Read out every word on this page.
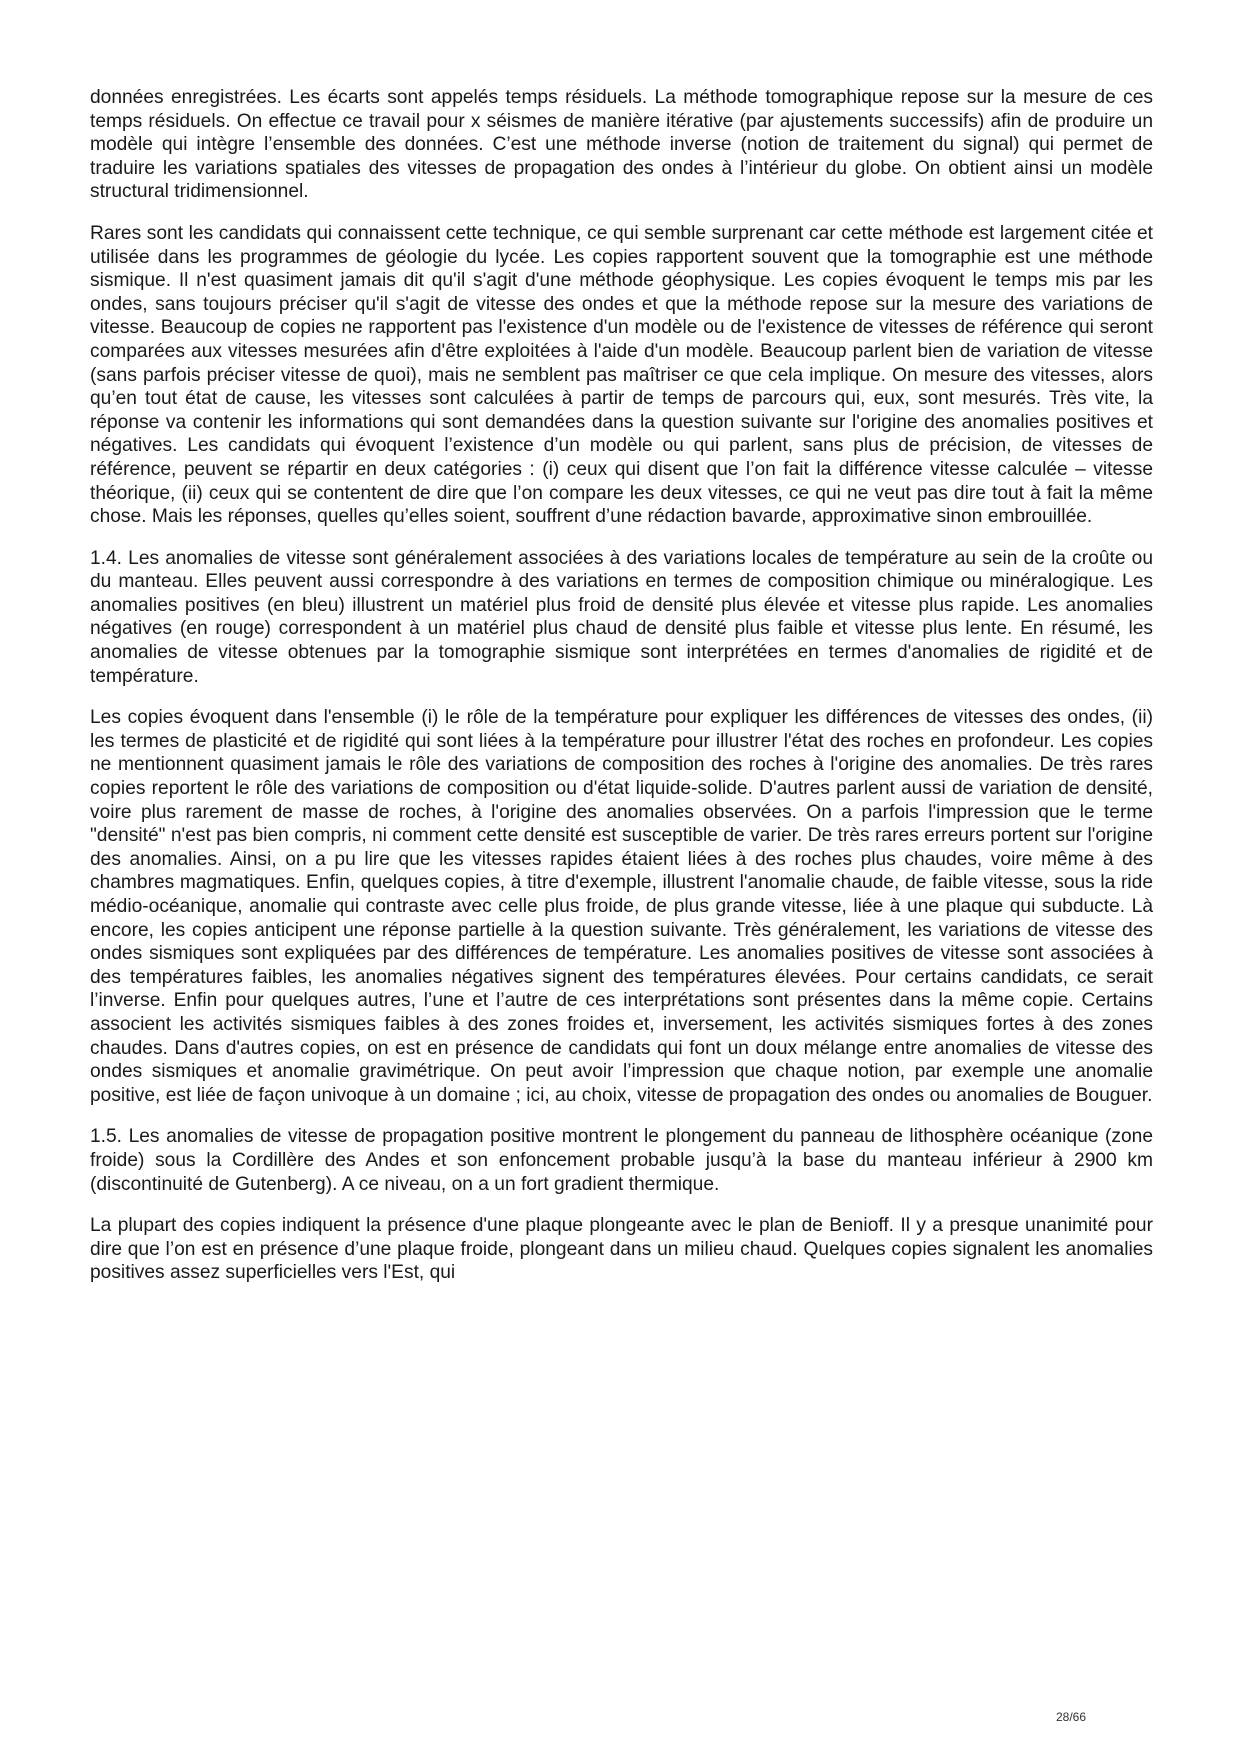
données enregistrées. Les écarts sont appelés temps résiduels. La méthode tomographique repose sur la mesure de ces temps résiduels. On effectue ce travail pour x séismes de manière itérative (par ajustements successifs) afin de produire un modèle qui intègre l’ensemble des données. C’est une méthode inverse (notion de traitement du signal) qui permet de traduire les variations spatiales des vitesses de propagation des ondes à l’intérieur du globe. On obtient ainsi un modèle structural tridimensionnel.

Rares sont les candidats qui connaissent cette technique, ce qui semble surprenant car cette méthode est largement citée et utilisée dans les programmes de géologie du lycée. Les copies rapportent souvent que la tomographie est une méthode sismique. Il n'est quasiment jamais dit qu'il s'agit d'une méthode géophysique. Les copies évoquent le temps mis par les ondes, sans toujours préciser qu'il s'agit de vitesse des ondes et que la méthode repose sur la mesure des variations de vitesse. Beaucoup de copies ne rapportent pas l'existence d'un modèle ou de l'existence de vitesses de référence qui seront comparées aux vitesses mesurées afin d'être exploitées à l'aide d'un modèle. Beaucoup parlent bien de variation de vitesse (sans parfois préciser vitesse de quoi), mais ne semblent pas maîtriser ce que cela implique. On mesure des vitesses, alors qu’en tout état de cause, les vitesses sont calculées à partir de temps de parcours qui, eux, sont mesurés. Très vite, la réponse va contenir les informations qui sont demandées dans la question suivante sur l'origine des anomalies positives et négatives. Les candidats qui évoquent l’existence d’un modèle ou qui parlent, sans plus de précision, de vitesses de référence, peuvent se répartir en deux catégories : (i) ceux qui disent que l’on fait la différence vitesse calculée – vitesse théorique, (ii) ceux qui se contentent de dire que l’on compare les deux vitesses, ce qui ne veut pas dire tout à fait la même chose. Mais les réponses, quelles qu’elles soient, souffrent d’une rédaction bavarde, approximative sinon embrouillée.

1.4. Les anomalies de vitesse sont généralement associées à des variations locales de température au sein de la croûte ou du manteau. Elles peuvent aussi correspondre à des variations en termes de composition chimique ou minéralogique. Les anomalies positives (en bleu) illustrent un matériel plus froid de densité plus élevée et vitesse plus rapide. Les anomalies négatives (en rouge) correspondent à un matériel plus chaud de densité plus faible et vitesse plus lente. En résumé, les anomalies de vitesse obtenues par la tomographie sismique sont interprétées en termes d'anomalies de rigidité et de température.

Les copies évoquent dans l'ensemble (i) le rôle de la température pour expliquer les différences de vitesses des ondes, (ii) les termes de plasticité et de rigidité qui sont liées à la température pour illustrer l'état des roches en profondeur. Les copies ne mentionnent quasiment jamais le rôle des variations de composition des roches à l'origine des anomalies. De très rares copies reportent le rôle des variations de composition ou d'état liquide-solide. D'autres parlent aussi de variation de densité, voire plus rarement de masse de roches, à l'origine des anomalies observées. On a parfois l'impression que le terme "densité" n'est pas bien compris, ni comment cette densité est susceptible de varier. De très rares erreurs portent sur l'origine des anomalies. Ainsi, on a pu lire que les vitesses rapides étaient liées à des roches plus chaudes, voire même à des chambres magmatiques. Enfin, quelques copies, à titre d'exemple, illustrent l'anomalie chaude, de faible vitesse, sous la ride médio-océanique, anomalie qui contraste avec celle plus froide, de plus grande vitesse, liée à une plaque qui subducte. Là encore, les copies anticipent une réponse partielle à la question suivante. Très généralement, les variations de vitesse des ondes sismiques sont expliquées par des différences de température. Les anomalies positives de vitesse sont associées à des températures faibles, les anomalies négatives signent des températures élevées. Pour certains candidats, ce serait l’inverse. Enfin pour quelques autres, l’une et l’autre de ces interprétations sont présentes dans la même copie. Certains associent les activités sismiques faibles à des zones froides et, inversement, les activités sismiques fortes à des zones chaudes. Dans d'autres copies, on est en présence de candidats qui font un doux mélange entre anomalies de vitesse des ondes sismiques et anomalie gravimétrique. On peut avoir l’impression que chaque notion, par exemple une anomalie positive, est liée de façon univoque à un domaine ; ici, au choix, vitesse de propagation des ondes ou anomalies de Bouguer.

1.5. Les anomalies de vitesse de propagation positive montrent le plongement du panneau de lithosphère océanique (zone froide) sous la Cordillère des Andes et son enfoncement probable jusqu’à la base du manteau inférieur à 2900 km (discontinuité de Gutenberg). A ce niveau, on a un fort gradient thermique.

La plupart des copies indiquent la présence d'une plaque plongeante avec le plan de Benioff. Il y a presque unanimité pour dire que l’on est en présence d’une plaque froide, plongeant dans un milieu chaud. Quelques copies signalent les anomalies positives assez superficielles vers l'Est, qui

28/66
